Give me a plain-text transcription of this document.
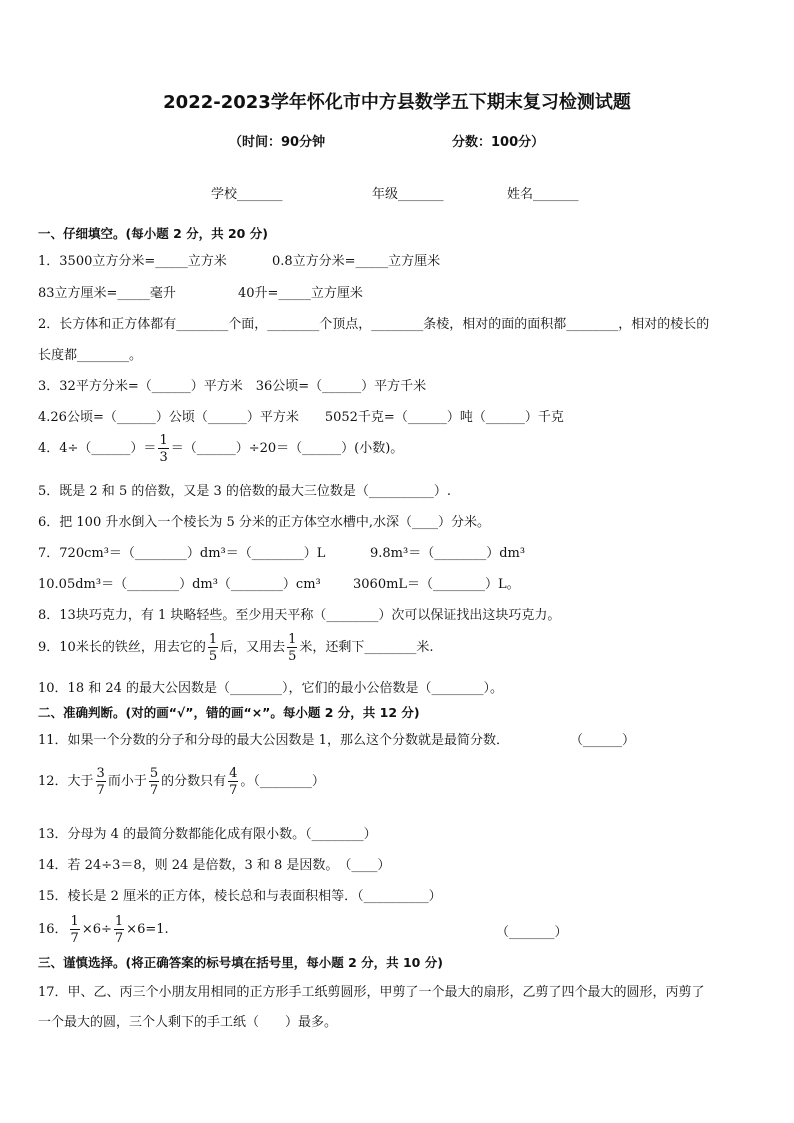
2022-2023学年怀化市中方县数学五下期末复习检测试题
（时间：90分钟	分数：100分）
学校_______	年级_______	姓名_______
一、仔细填空。(每小题 2 分，共 20 分)
1．3500立方分米=_____立方米	0.8立方分米=_____立方厘米
83立方厘米=_____毫升	40升=_____立方厘米
2．长方体和正方体都有________个面，________个顶点，________条棱，相对的面的面积都________，相对的棱长的
长度都________。
3．32平方分米=（______）平方米　36公顷=（______）平方千米
4.26公顷=（______）公顷（______）平方米　　5052千克=（______）吨（______）千克
4．4÷（______）＝ $\frac{1}{3}$ ＝（______）÷20＝（______）(小数)。
5．既是 2 和 5 的倍数，又是 3 的倍数的最大三位数是（__________）.
6．把 100 升水倒入一个棱长为 5 分米的正方体空水槽中,水深（____）分米。
7．720cm³＝（________）dm³＝（________）L	9.8m³＝（________）dm³
10.05dm³＝（________）dm³（________）cm³ 3060mL＝（________）L。
8．13块巧克力，有 1 块略轻些。至少用天平称（________）次可以保证找出这块巧克力。
9．10米长的铁丝，用去它的 $\frac{1}{5}$ 后，又用去 $\frac{1}{5}$ 米，还剩下________米.
10．18 和 24 的最大公因数是（________），它们的最小公倍数是（________）。
二、准确判断。(对的画“√”，错的画“×”。每小题 2 分，共 12 分)
11．如果一个分数的分子和分母的最大公因数是 1，那么这个分数就是最简分数．	（______）
12．大于 $\frac{3}{7}$ 而小于 $\frac{5}{7}$ 的分数只有 $\frac{4}{7}$ 。（________）
13．分母为 4 的最简分数都能化成有限小数。（________）
14．若 24÷3＝8，则 24 是倍数，3 和 8 是因数。　（____）
15．棱长是 2 厘米的正方体，棱长总和与表面积相等．（__________）
16． $\frac{1}{7} \times 6\div \frac{1}{7} \times 6=1$.	（_______）
三、谨慎选择。(将正确答案的标号填在括号里，每小题 2 分，共 10 分)
17．甲、乙、丙三个小朋友用相同的正方形手工纸剪圆形，甲剪了一个最大的扇形，乙剪了四个最大的圆形，丙剪了
一个最大的圆，三个人剩下的手工纸（　　）最多。
